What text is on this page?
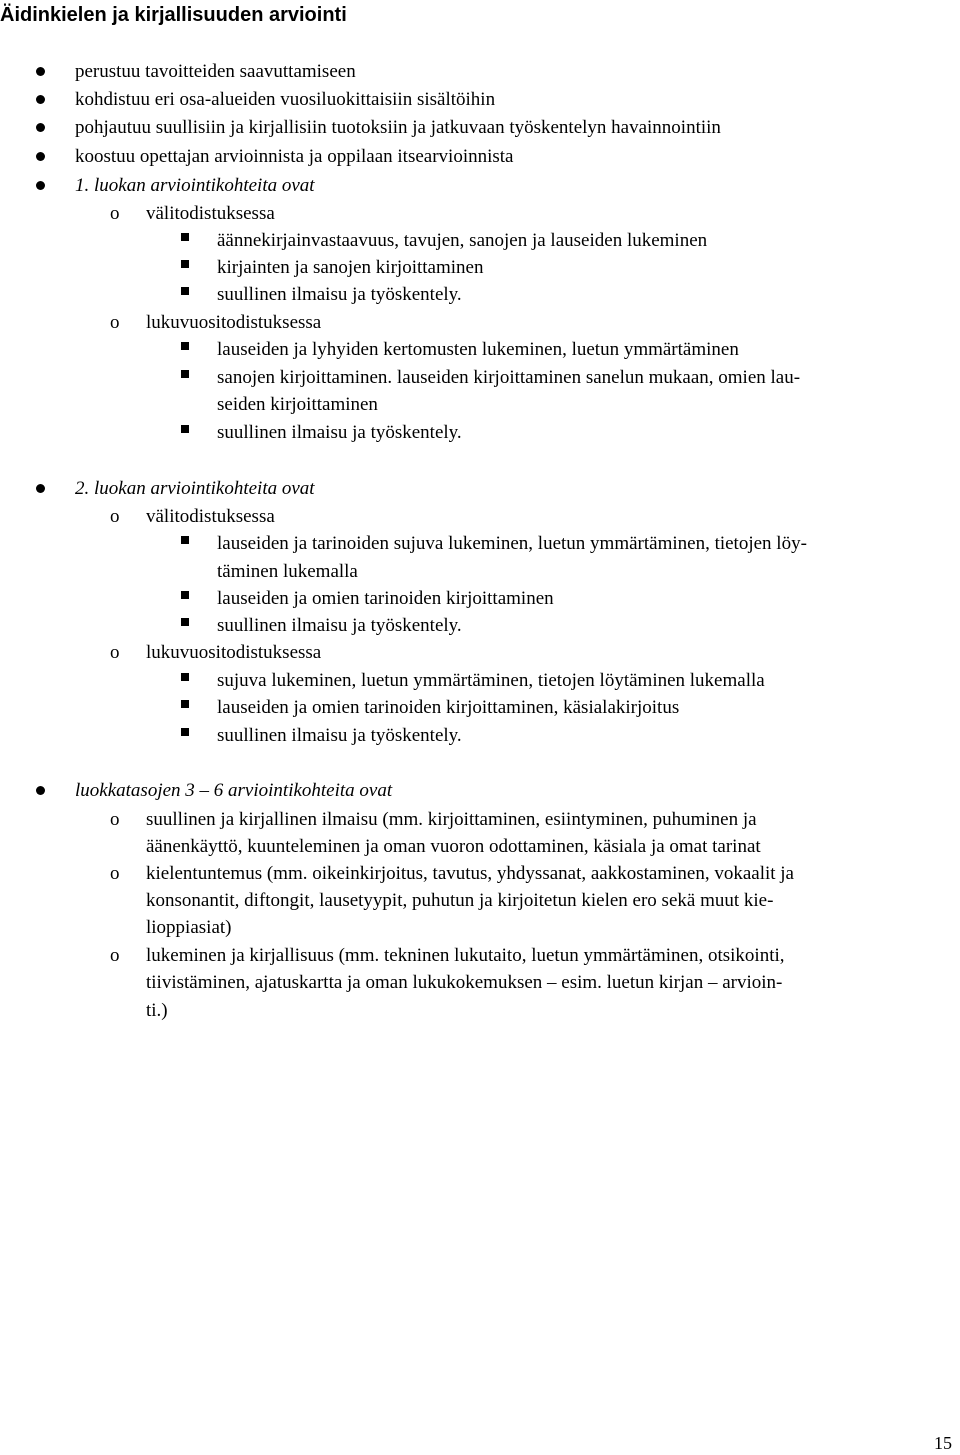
Äidinkielen ja kirjallisuuden arviointi
perustuu tavoitteiden saavuttamiseen
kohdistuu eri osa-alueiden vuosiluokittaisiin sisältöihin
pohjautuu suullisiin ja kirjallisiin tuotoksiin ja jatkuvaan työskentelyn havainnointiin
koostuu opettajan arvioinnista ja oppilaan itsearvioinnista
1. luokan arviointikohteita ovat
o välitodistuksessa
äännekirjainvastaavuus, tavujen, sanojen ja lauseiden lukeminen
kirjainten ja sanojen kirjoittaminen
suullinen ilmaisu ja työskentely.
o lukuvuositodistuksessa
lauseiden ja lyhyiden kertomusten lukeminen, luetun ymmärtäminen
sanojen kirjoittaminen. lauseiden kirjoittaminen sanelun mukaan, omien lau-
seiden kirjoittaminen
suullinen ilmaisu ja työskentely.
2. luokan arviointikohteita ovat
o välitodistuksessa
lauseiden ja tarinoiden sujuva lukeminen, luetun ymmärtäminen, tietojen löy-
täminen lukemalla
lauseiden ja omien tarinoiden kirjoittaminen
suullinen ilmaisu ja työskentely.
o lukuvuositodistuksessa
sujuva lukeminen, luetun ymmärtäminen, tietojen löytäminen lukemalla
lauseiden ja omien tarinoiden kirjoittaminen, käsialakirjoitus
suullinen ilmaisu ja työskentely.
luokkatasojen 3 – 6 arviointikohteita ovat
o suullinen ja kirjallinen ilmaisu (mm. kirjoittaminen, esiintyminen, puhuminen ja
äänenkäyttö, kuunteleminen ja oman vuoron odottaminen, käsiala ja omat tarinat
o kielentuntemus (mm. oikeinkirjoitus, tavutus, yhdyssanat, aakkostaminen, vokaalit ja
konsonantit, diftongit, lausetyypit, puhutun ja kirjoitetun kielen ero sekä muut kie-
lioppiasiat)
o lukeminen ja kirjallisuus (mm. tekninen lukutaito, luetun ymmärtäminen, otsikointi,
tiivistäminen, ajatuskartta ja oman lukukokemuksen – esim. luetun kirjan – arvioin-
ti.)
15
